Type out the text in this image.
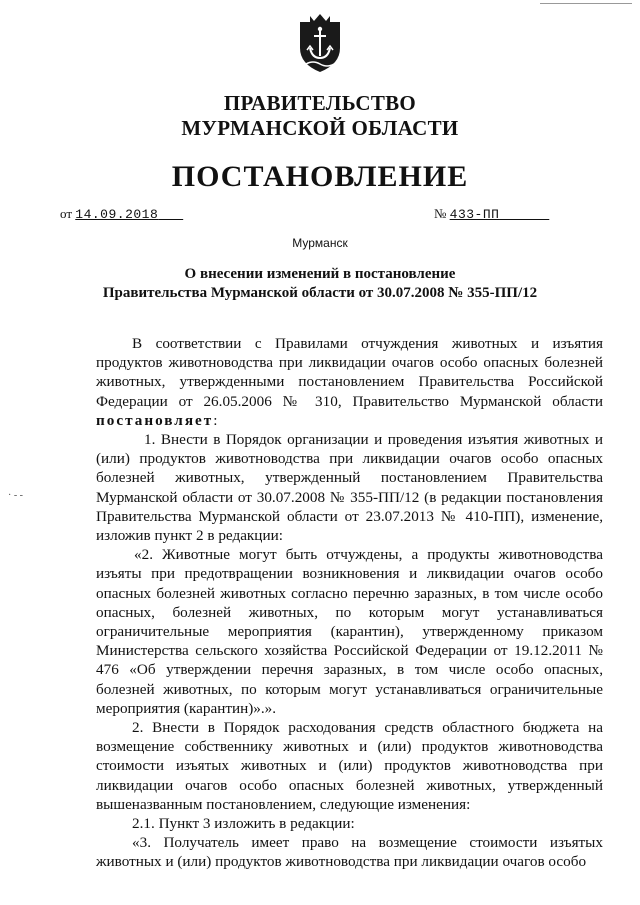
ПРАВИТЕЛЬСТВО
МУРМАНСКОЙ ОБЛАСТИ
ПОСТАНОВЛЕНИЕ
от 14.09.2018	№ 433-ПП
Мурманск
О внесении изменений в постановление
Правительства Мурманской области от 30.07.2008 № 355-ПП/12
· - -

В соответствии с Правилами отчуждения животных и изъятия продуктов животноводства при ликвидации очагов особо опасных болезней животных, утвержденными постановлением Правительства Российской Федерации от 26.05.2006 № 310, Правительство Мурманской области постановляет:

1. Внести в Порядок организации и проведения изъятия животных и (или) продуктов животноводства при ликвидации очагов особо опасных болезней животных, утвержденный постановлением Правительства Мурманской области от 30.07.2008 № 355-ПП/12 (в редакции постановления Правительства Мурманской области от 23.07.2013 № 410-ПП), изменение, изложив пункт 2 в редакции:

«2. Животные могут быть отчуждены, а продукты животноводства изъяты при предотвращении возникновения и ликвидации очагов особо опасных болезней животных согласно перечню заразных, в том числе особо опасных, болезней животных, по которым могут устанавливаться ограничительные мероприятия (карантин), утвержденному приказом Министерства сельского хозяйства Российской Федерации от 19.12.2011 № 476 «Об утверждении перечня заразных, в том числе особо опасных, болезней животных, по которым могут устанавливаться ограничительные мероприятия (карантин)».».

2. Внести в Порядок расходования средств областного бюджета на возмещение собственнику животных и (или) продуктов животноводства стоимости изъятых животных и (или) продуктов животноводства при ликвидации очагов особо опасных болезней животных, утвержденный вышеназванным постановлением, следующие изменения:

2.1. Пункт 3 изложить в редакции:

«3. Получатель имеет право на возмещение стоимости изъятых животных и (или) продуктов животноводства при ликвидации очагов особо
